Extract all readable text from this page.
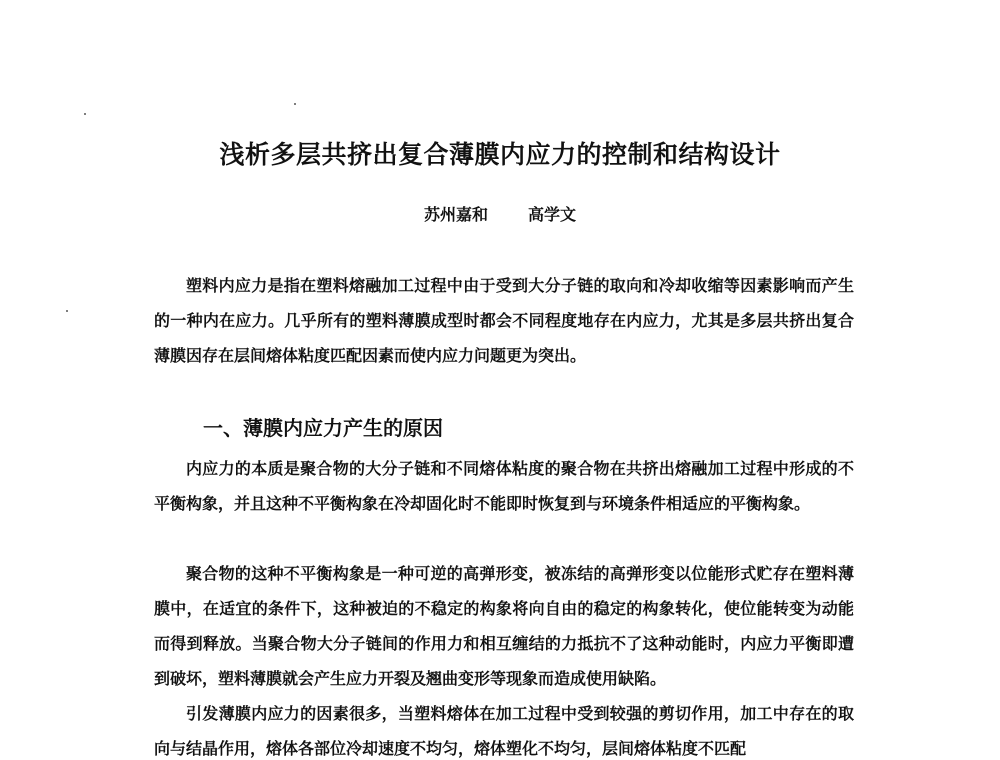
浅析多层共挤出复合薄膜内应力的控制和结构设计
苏州嘉和	高学文

塑料内应力是指在塑料熔融加工过程中由于受到大分子链的取向和冷却收缩等因素影响而产生的一种内在应力。几乎所有的塑料薄膜成型时都会不同程度地存在内应力，尤其是多层共挤出复合薄膜因存在层间熔体粘度匹配因素而使内应力问题更为突出。

一、薄膜内应力产生的原因

内应力的本质是聚合物的大分子链和不同熔体粘度的聚合物在共挤出熔融加工过程中形成的不平衡构象，并且这种不平衡构象在冷却固化时不能即时恢复到与环境条件相适应的平衡构象。

聚合物的这种不平衡构象是一种可逆的高弹形变，被冻结的高弹形变以位能形式贮存在塑料薄膜中，在适宜的条件下，这种被迫的不稳定的构象将向自由的稳定的构象转化，使位能转变为动能而得到释放。当聚合物大分子链间的作用力和相互缠结的力抵抗不了这种动能时，内应力平衡即遭到破坏，塑料薄膜就会产生应力开裂及翘曲变形等现象而造成使用缺陷。

引发薄膜内应力的因素很多，当塑料熔体在加工过程中受到较强的剪切作用，加工中存在的取向与结晶作用，熔体各部位冷却速度不均匀，熔体塑化不均匀，层间熔体粘度不匹配
